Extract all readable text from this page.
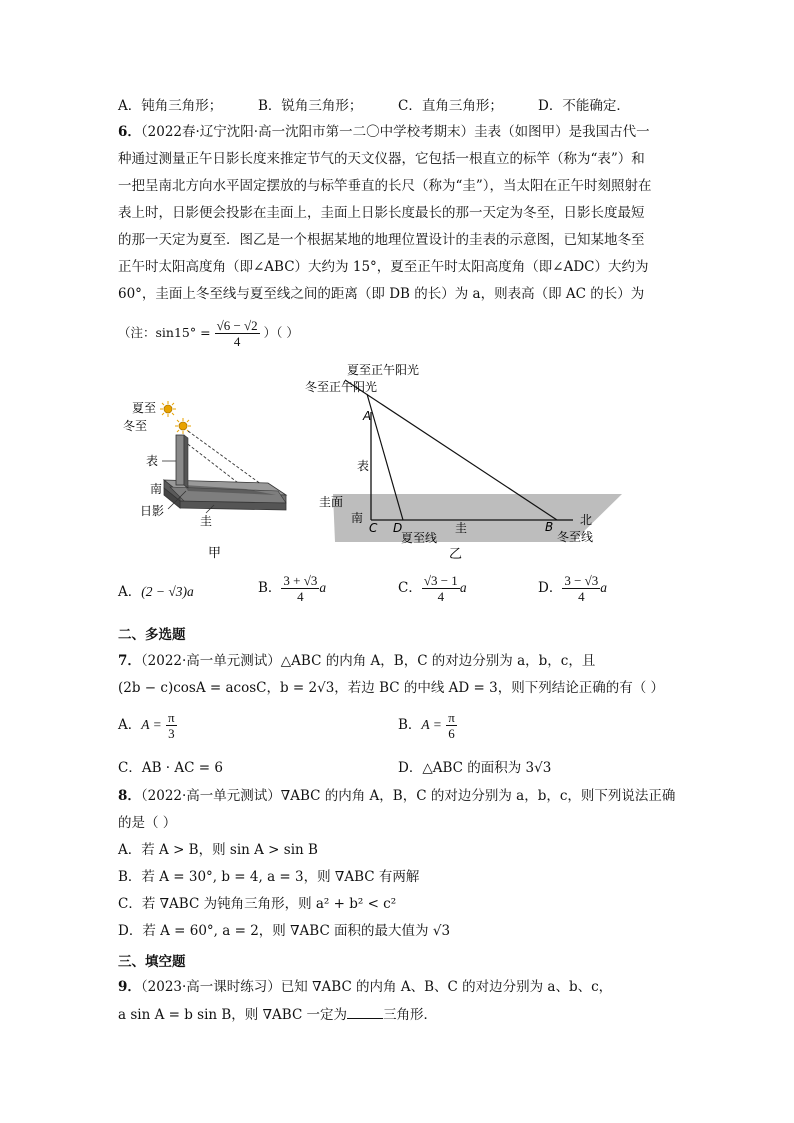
A．钝角三角形；	B．锐角三角形；	C．直角三角形；	D．不能确定．
6．（2022春·辽宁沈阳·高一沈阳市第一二〇中学校考期末）圭表（如图甲）是我国古代一
种通过测量正午日影长度来推定节气的天文仪器，它包括一根直立的标竿（称为“表”）和
一把呈南北方向水平固定摆放的与标竿垂直的长尺（称为“圭”），当太阳在正午时刻照射在
表上时，日影便会投影在圭面上，圭面上日影长度最长的那一天定为冬至，日影长度最短
的那一天定为夏至．图乙是一个根据某地的地理位置设计的圭表的示意图，已知某地冬至
正午时太阳高度角（即∠ABC）大约为 15°，夏至正午时太阳高度角（即∠ADC）大约为
60°，圭面上冬至线与夏至线之间的距离（即 DB 的长）为 a，则表高（即 AC 的长）为
（注：$\sin 15^\circ = \frac{√6 - √2}{4}$ ）（ ）
夏至
冬至
表
南
日影
圭
甲
夏至正午阳光
冬至正午阳光
A
表
圭面
南
C D	圭	B 北
夏至线	冬至线
乙
A．(2 − √3)a	B． $\frac{3 + √3}{4}$ a	C． $\frac{√3 - 1}{4}$ a	D． $\frac{3 - √3}{4}$ a
二、多选题
7．（2022·高一单元测试）△ABC 的内角 A，B，C 的对边分别为 a，b，c，且
(2b − c)cosA = acosC，b = 2√3，若边 BC 的中线 AD = 3，则下列结论正确的有（ ）
A．$A = \frac{\pi}{3}$	B．$A = \frac{\pi}{6}$
C．AB · AC = 6	D．△ABC 的面积为 3√3
8．（2022·高一单元测试）∇ABC 的内角 A，B，C 的对边分别为 a，b，c，则下列说法正确
的是（ ）
A．若 A > B，则 sin A > sin B
B．若 A = 30°, b = 4, a = 3，则 ∇ABC 有两解
C．若 ∇ABC 为钝角三角形，则 a² + b² < c²
D．若 A = 60°, a = 2，则 ∇ABC 面积的最大值为 √3
三、填空题
9．（2023·高一课时练习）已知 ∇ABC 的内角 A、B、C 的对边分别为 a、b、c，
a sin A = b sin B，则 ∇ABC 一定为	三角形．
